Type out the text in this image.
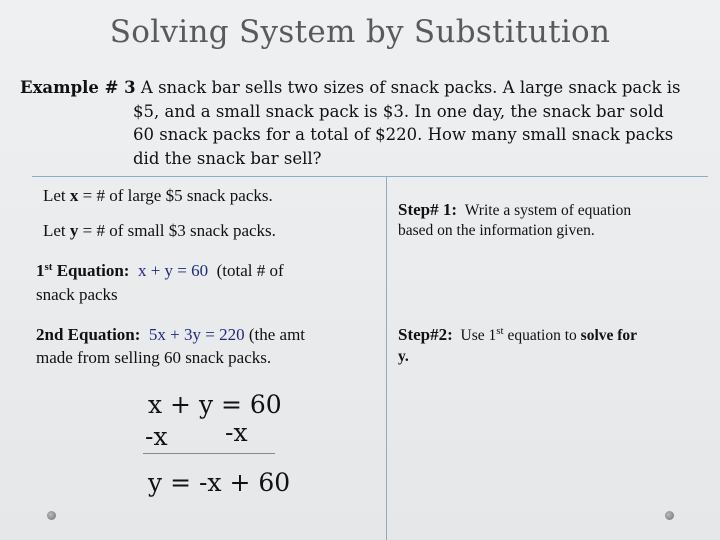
Solving System by Substitution
Example # 3 A snack bar sells two sizes of snack packs. A large snack pack is
$5, and a small snack pack is $3. In one day, the snack bar sold
60 snack packs for a total of $220. How many small snack packs
did the snack bar sell?
Let x = # of large $5 snack packs.
Let y = # of small $3 snack packs.
1st Equation: x + y = 60 (total # of
snack packs
2nd Equation: 5x + 3y = 220 (the amt
made from selling 60 snack packs.
x + y = 60
-x -x
y = -x + 60
Step# 1: Write a system of equation
based on the information given.
Step#2: Use 1st equation to solve for
y.
